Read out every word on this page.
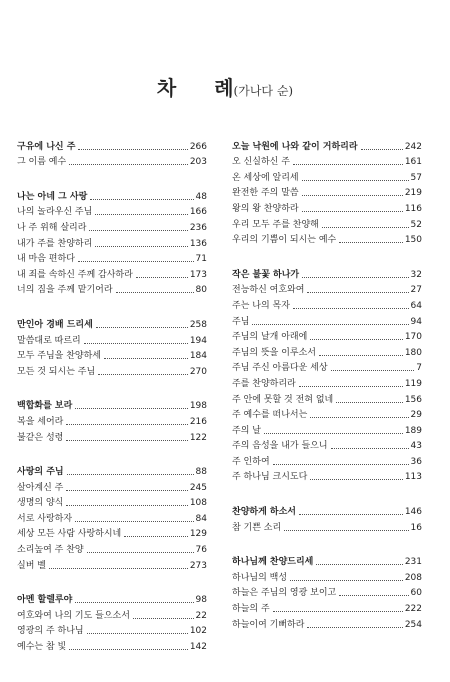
차 례(가나다 순)
구유에 나신 주	266
그 이름 예수	203
나는 아네 그 사랑	48
나의 놀라우신 주님	166
나 주 위해 살리라	236
내가 주를 찬양하리	136
내 마음 편하다	71
내 죄를 속하신 주께 감사하라	173
너의 짐을 주께 맡기어라	80
만인아 경배 드리세	258
말씀대로 따르리	194
모두 주님을 찬양하세	184
모든 것 되시는 주님	270
백합화를 보라	198
복을 세어라	216
불같은 성령	122
사랑의 주님	88
살아계신 주	245
생명의 양식	108
서로 사랑하자	84
세상 모든 사람 사랑하시네	129
소리높여 주 찬양	76
실버 벨	273
아멘 할렐루야	98
여호와여 나의 기도 들으소서	22
영광의 주 하나님	102
예수는 참 빛	142
오늘 낙원에 나와 같이 거하리라	242
오 신실하신 주	161
온 세상에 알리세	57
완전한 주의 말씀	219
왕의 왕 찬양하라	116
우리 모두 주를 찬양해	52
우리의 기쁨이 되시는 예수	150
작은 불꽃 하나가	32
전능하신 여호와여	27
주는 나의 목자	64
주님	94
주님의 날개 아래에	170
주님의 뜻을 이루소서	180
주님 주신 아름다운 세상	7
주를 찬양하리라	119
주 안에 못할 것 전혀 없네	156
주 예수를 떠나서는	29
주의 날	189
주의 음성을 내가 들으니	43
주 인하여	36
주 하나님 크시도다	113
찬양하게 하소서	146
참 기쁜 소리	16
하나님께 찬양드리세	231
하나님의 백성	208
하늘은 주님의 영광 보이고	60
하늘의 주	222
하늘이여 기뻐하라	254
